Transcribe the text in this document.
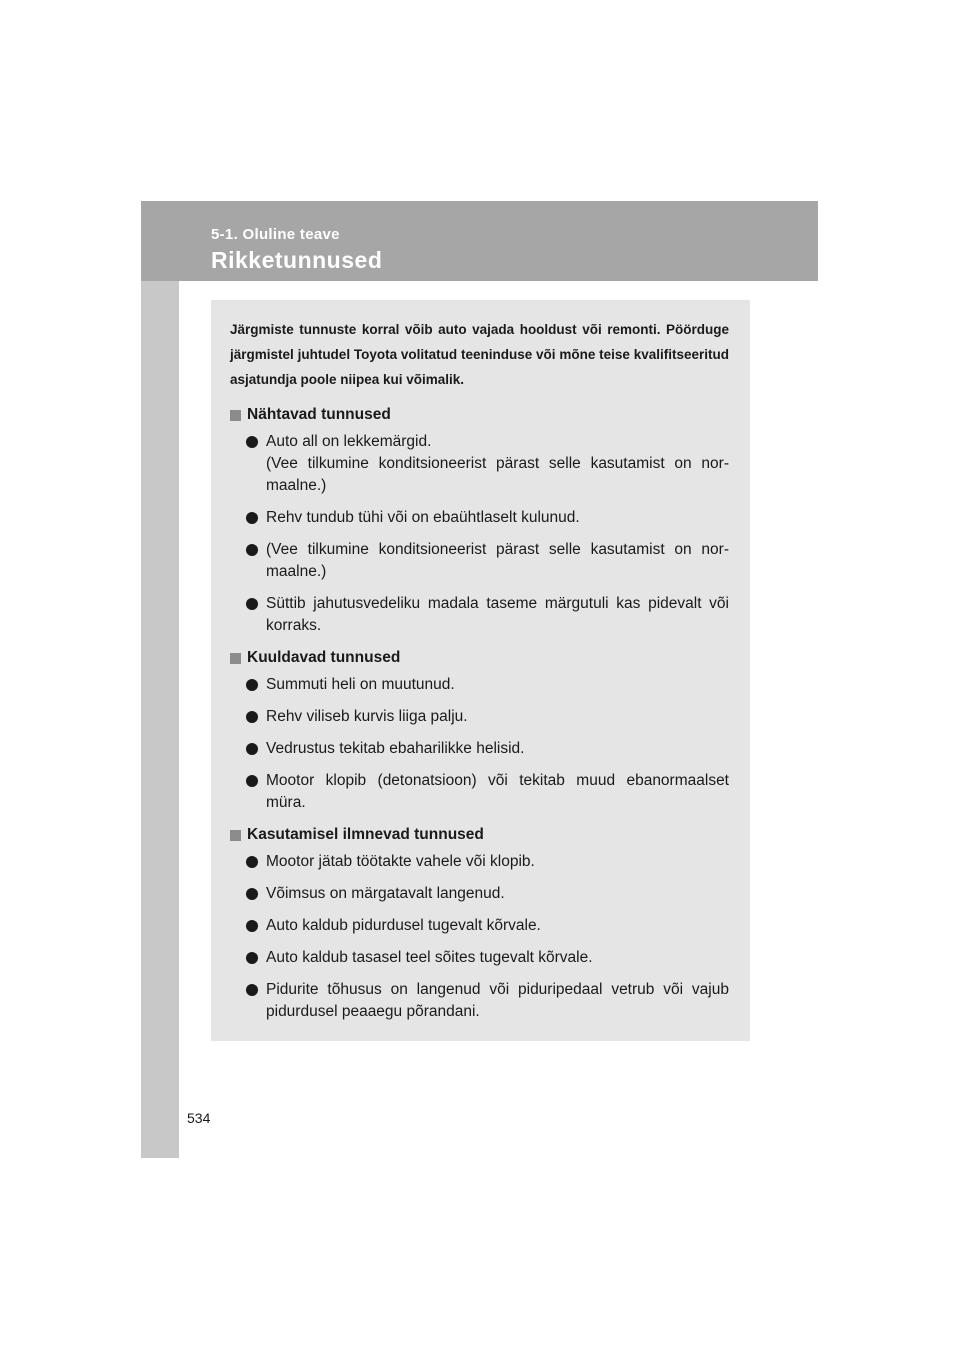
5-1. Oluline teave
Rikketunnused
534

Järgmiste tunnuste korral võib auto vajada hooldust või remonti. Pöörduge järgmistel juhtudel Toyota volitatud teeninduse või mõne teise kvalifitseeritud asjatundja poole niipea kui võimalik.

Nähtavad tunnused
Auto all on lekkemärgid.
(Vee tilkumine konditsioneerist pärast selle kasutamist on nor-maalne.)
Rehv tundub tühi või on ebaühtlaselt kulunud.
(Vee tilkumine konditsioneerist pärast selle kasutamist on nor-maalne.)
Süttib jahutusvedeliku madala taseme märgutuli kas pidevalt või korraks.
Kuuldavad tunnused
Summuti heli on muutunud.
Rehv viliseb kurvis liiga palju.
Vedrustus tekitab ebaharilikke helisid.
Mootor klopib (detonatsioon) või tekitab muud ebanormaalset müra.
Kasutamisel ilmnevad tunnused
Mootor jätab töötakte vahele või klopib.
Võimsus on märgatavalt langenud.
Auto kaldub pidurdusel tugevalt kõrvale.
Auto kaldub tasasel teel sõites tugevalt kõrvale.
Pidurite tõhusus on langenud või piduripedaal vetrub või vajub pidurdusel peaaegu põrandani.
